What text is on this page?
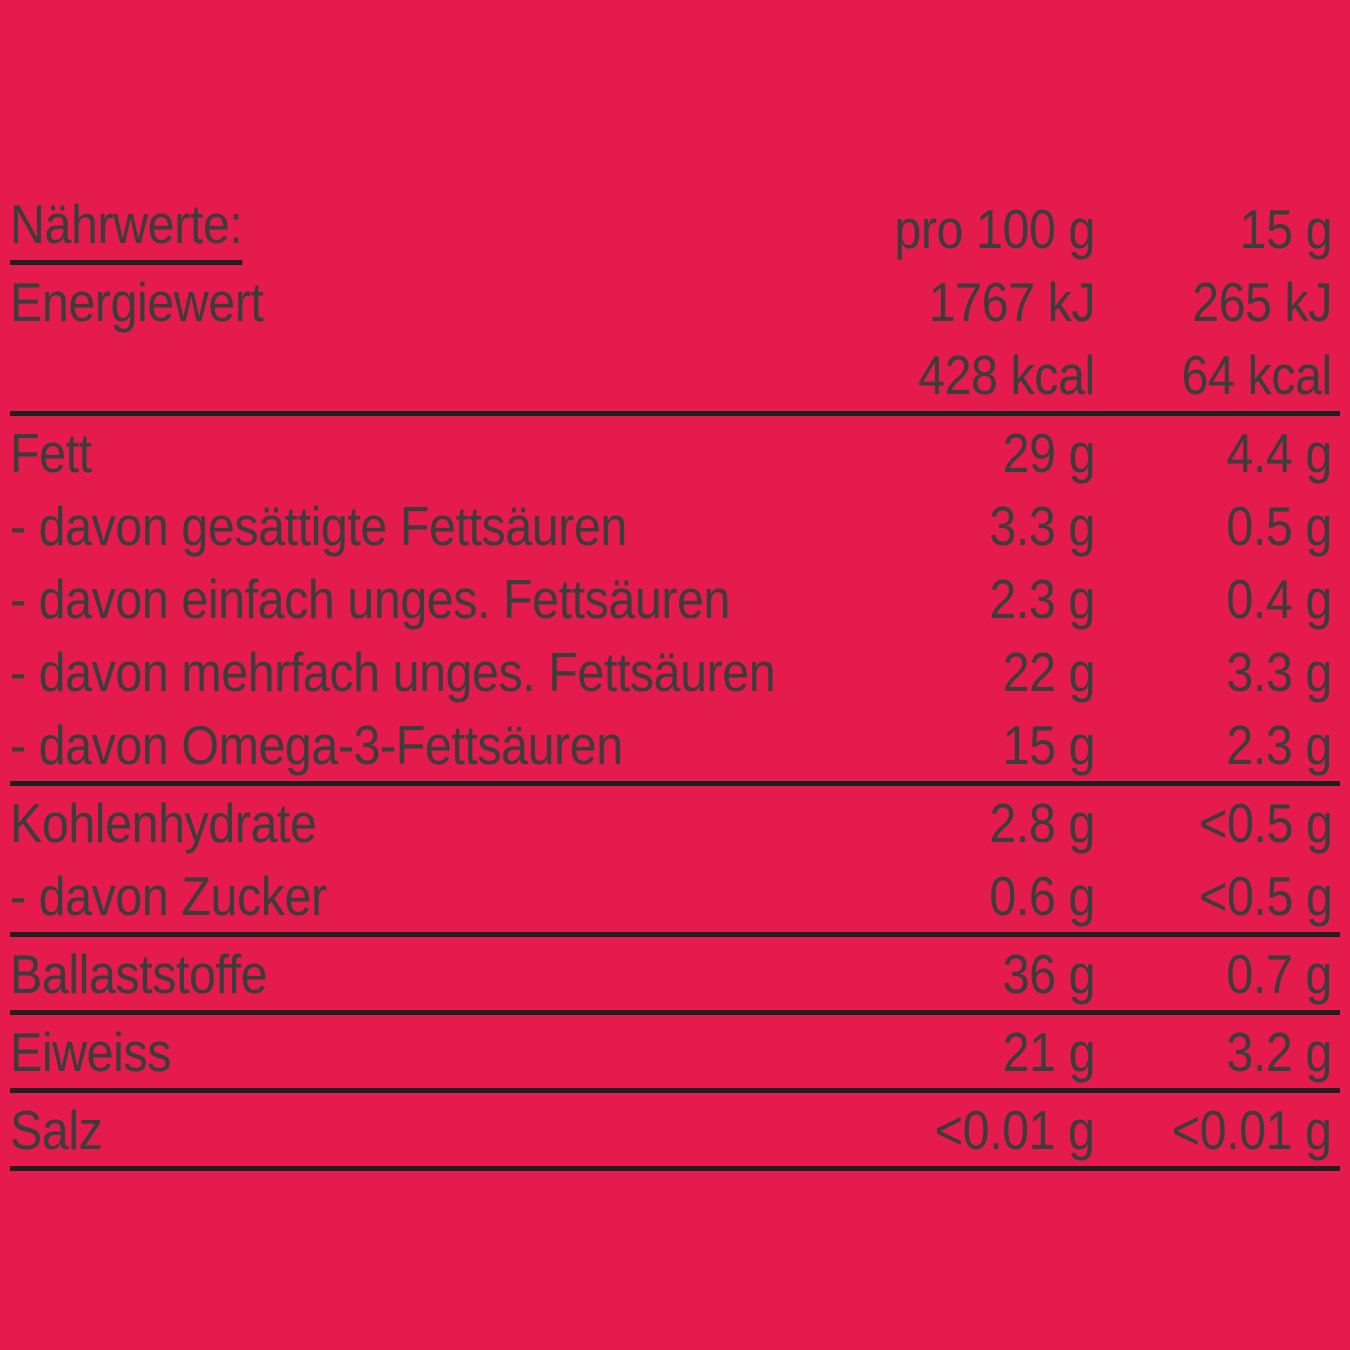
Nährwerte:	pro 100 g	15 g
Energiewert	1767 kJ	265 kJ
	428 kcal	64 kcal
Fett	29 g	4.4 g
- davon gesättigte Fettsäuren	3.3 g	0.5 g
- davon einfach unges. Fettsäuren	2.3 g	0.4 g
- davon mehrfach unges. Fettsäuren	22 g	3.3 g
- davon Omega-3-Fettsäuren	15 g	2.3 g
Kohlenhydrate	2.8 g	<0.5 g
- davon Zucker	0.6 g	<0.5 g
Ballaststoffe	36 g	0.7 g
Eiweiss	21 g	3.2 g
Salz	<0.01 g	<0.01 g
